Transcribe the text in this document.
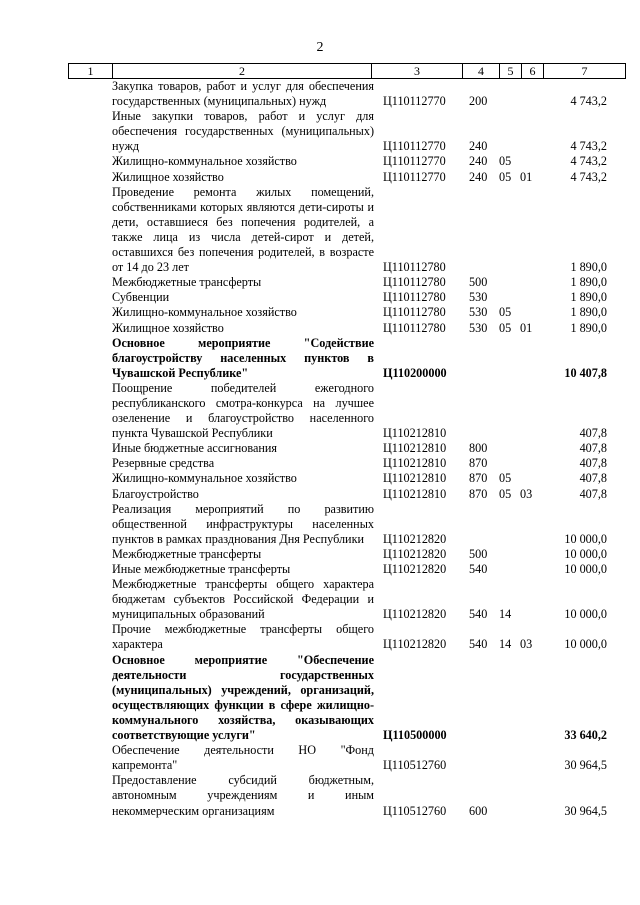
2
1	2	3	4	5	6	7
Закупка товаров, работ и услуг для обеспечения государственных (муниципальных) нужд	Ц110112770 200	4 743,2
Иные закупки товаров, работ и услуг для обеспечения государственных (муниципальных) нужд	Ц110112770 240	4 743,2
Жилищно-коммунальное хозяйство	Ц110112770 240 05	4 743,2
Жилищное хозяйство	Ц110112770 240 05 01	4 743,2
Проведение ремонта жилых помещений, собственниками которых являются дети-сироты и дети, оставшиеся без попечения родителей, а также лица из числа детей-сирот и детей, оставшихся без попечения родителей, в возрасте от 14 до 23 лет	Ц110112780	1 890,0
Межбюджетные трансферты	Ц110112780 500	1 890,0
Субвенции	Ц110112780 530	1 890,0
Жилищно-коммунальное хозяйство	Ц110112780 530 05	1 890,0
Жилищное хозяйство	Ц110112780 530 05 01	1 890,0
Основное мероприятие "Содействие благоустройству населенных пунктов в Чувашской Республике"	Ц110200000	10 407,8
Поощрение победителей ежегодного республиканского смотра-конкурса на лучшее озеленение и благоустройство населенного пункта Чувашской Республики	Ц110212810	407,8
Иные бюджетные ассигнования	Ц110212810 800	407,8
Резервные средства	Ц110212810 870	407,8
Жилищно-коммунальное хозяйство	Ц110212810 870 05	407,8
Благоустройство	Ц110212810 870 05 03	407,8
Реализация мероприятий по развитию общественной инфраструктуры населенных пунктов в рамках празднования Дня Республики	Ц110212820	10 000,0
Межбюджетные трансферты	Ц110212820 500	10 000,0
Иные межбюджетные трансферты	Ц110212820 540	10 000,0
Межбюджетные трансферты общего характера бюджетам субъектов Российской Федерации и муниципальных образований	Ц110212820 540 14	10 000,0
Прочие межбюджетные трансферты общего характера	Ц110212820 540 14 03	10 000,0
Основное мероприятие "Обеспечение деятельности государственных (муниципальных) учреждений, организаций, осуществляющих функции в сфере жилищно-коммунального хозяйства, оказывающих соответствующие услуги"	Ц110500000	33 640,2
Обеспечение деятельности НО "Фонд капремонта"	Ц110512760	30 964,5
Предоставление субсидий бюджетным, автономным учреждениям и иным некоммерческим организациям	Ц110512760 600	30 964,5
